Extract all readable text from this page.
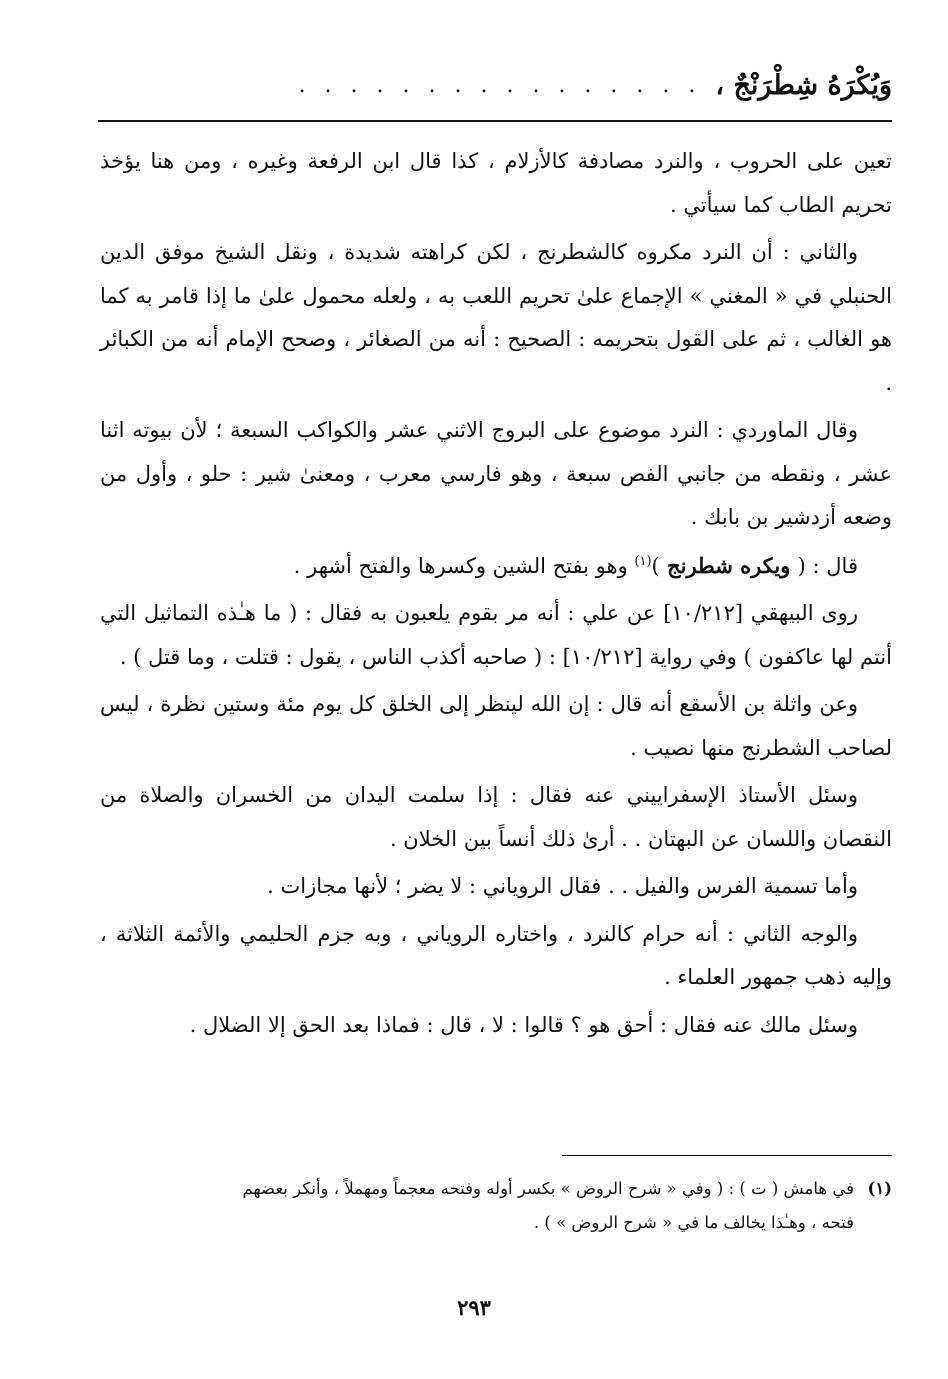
وَيُكْرَهُ شِطْرَنْجٌ ،
. . . . . . . . . . . . . . . .

تعين على الحروب ، والنرد مصادفة كالأزلام ، كذا قال ابن الرفعة وغيره ، ومن هنا يؤخذ تحريم الطاب كما سيأتي .

والثاني : أن النرد مكروه كالشطرنج ، لكن كراهته شديدة ، ونقل الشيخ موفق الدين الحنبلي في « المغني » الإجماع علىٰ تحريم اللعب به ، ولعله محمول علىٰ ما إذا قامر به كما هو الغالب ، ثم على القول بتحريمه : الصحيح : أنه من الصغائر ، وصحح الإمام أنه من الكبائر .

وقال الماوردي : النرد موضوع على البروج الاثني عشر والكواكب السبعة ؛ لأن بيوته اثنا عشر ، ونقطه من جانبي الفص سبعة ، وهو فارسي معرب ، ومعنىٰ شير : حلو ، وأول من وضعه أزدشير بن بابك .

قال : ( ويكره شطرنج )$^{(١)}$ وهو بفتح الشين وكسرها والفتح أشهر .

روى البيهقي [١٠/٢١٢] عن علي : أنه مر بقوم يلعبون به فقال : ( ما هـٰذه التماثيل التي أنتم لها عاكفون ) وفي رواية [١٠/٢١٢] : ( صاحبه أكذب الناس ، يقول : قتلت ، وما قتل ) .

وعن واثلة بن الأسقع أنه قال : إن الله لينظر إلى الخلق كل يوم مئة وستين نظرة ، ليس لصاحب الشطرنج منها نصيب .

وسئل الأستاذ الإسفراييني عنه فقال : إذا سلمت اليدان من الخسران والصلاة من النقصان واللسان عن البهتان . . أرىٰ ذلك أنساً بين الخلان .

وأما تسمية الفرس والفيل . . فقال الروياني : لا يضر ؛ لأنها مجازات .

والوجه الثاني : أنه حرام كالنرد ، واختاره الروياني ، وبه جزم الحليمي والأئمة الثلاثة ، وإليه ذهب جمهور العلماء .

وسئل مالك عنه فقال : أحق هو ؟ قالوا : لا ، قال : فماذا بعد الحق إلا الضلال .

(١)في هامش ( ت ) : ( وفي « شرح الروض » بكسر أوله وفتحه معجماً ومهملاً ، وأنكر بعضهم
فتحه ، وهـٰذا يخالف ما في « شرح الروض » ) .
٢٩٣
